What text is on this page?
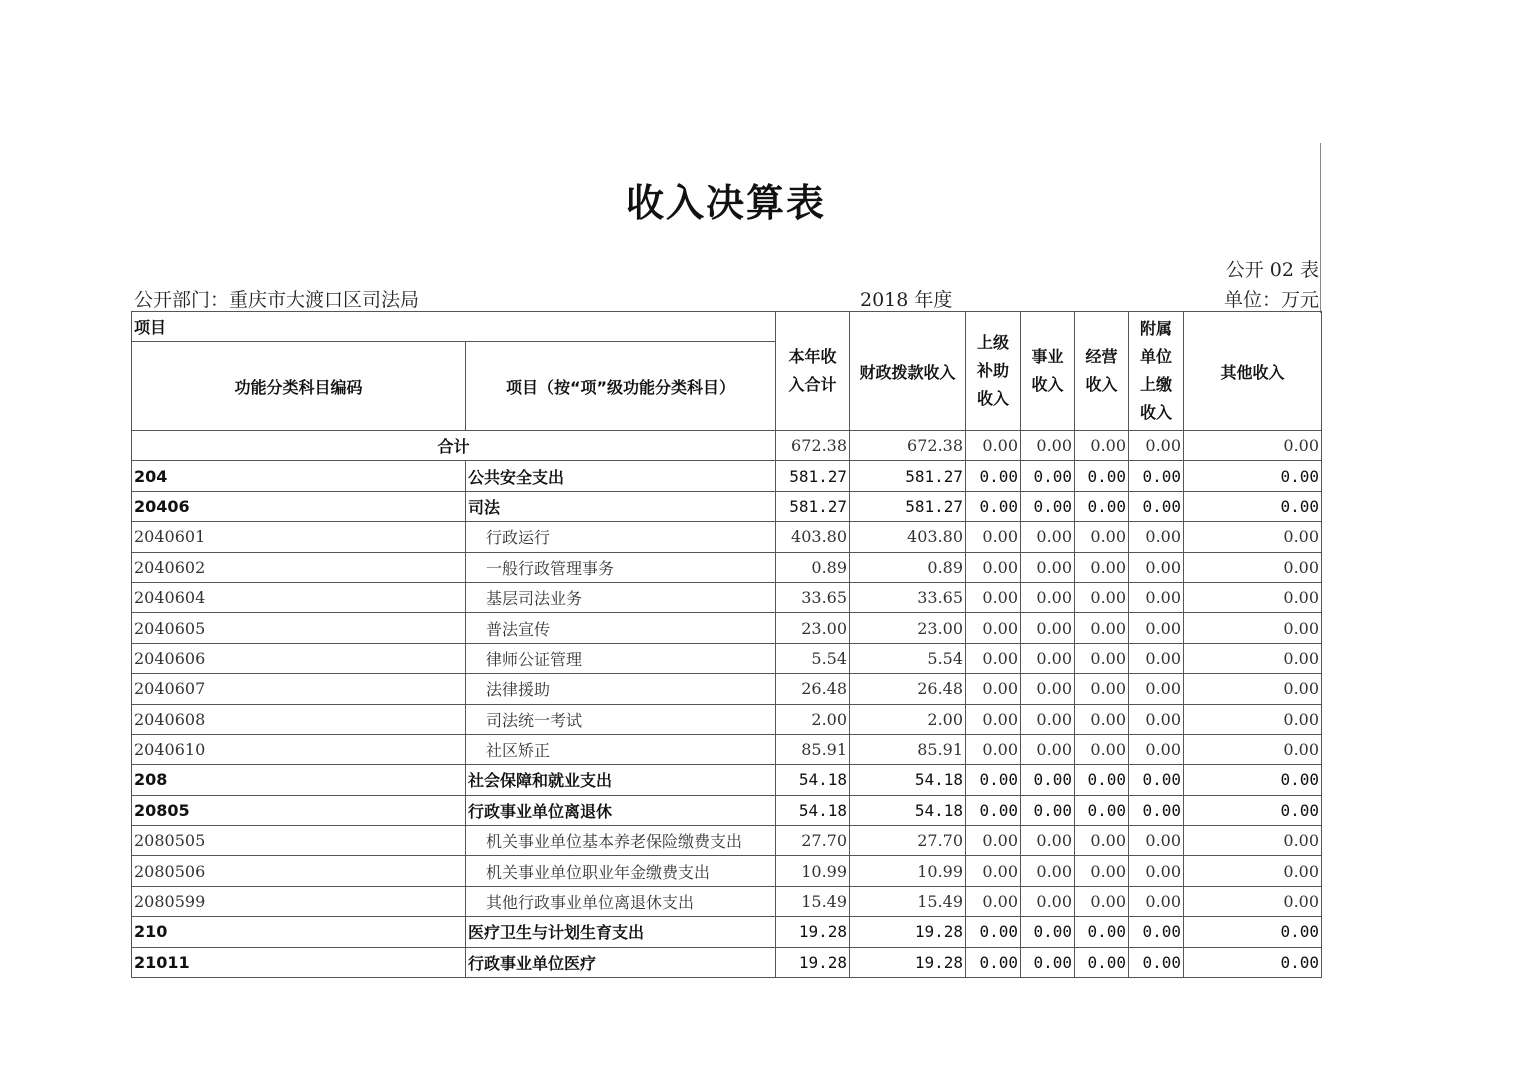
收入决算表
公开 02 表
公开部门：重庆市大渡口区司法局	2018 年度	单位：万元
项目		本年收入合计	财政拨款收入	上级补助收入	事业收入	经营收入	附属单位上缴收入	其他收入
功能分类科目编码	项目（按“项”级功能分类科目）							
合计		672.38	672.38	0.00	0.00	0.00	0.00	0.00
204	公共安全支出	581.27	581.27	0.00	0.00	0.00	0.00	0.00
20406	司法	581.27	581.27	0.00	0.00	0.00	0.00	0.00
2040601	行政运行	403.80	403.80	0.00	0.00	0.00	0.00	0.00
2040602	一般行政管理事务	0.89	0.89	0.00	0.00	0.00	0.00	0.00
2040604	基层司法业务	33.65	33.65	0.00	0.00	0.00	0.00	0.00
2040605	普法宣传	23.00	23.00	0.00	0.00	0.00	0.00	0.00
2040606	律师公证管理	5.54	5.54	0.00	0.00	0.00	0.00	0.00
2040607	法律援助	26.48	26.48	0.00	0.00	0.00	0.00	0.00
2040608	司法统一考试	2.00	2.00	0.00	0.00	0.00	0.00	0.00
2040610	社区矫正	85.91	85.91	0.00	0.00	0.00	0.00	0.00
208	社会保障和就业支出	54.18	54.18	0.00	0.00	0.00	0.00	0.00
20805	行政事业单位离退休	54.18	54.18	0.00	0.00	0.00	0.00	0.00
2080505	机关事业单位基本养老保险缴费支出	27.70	27.70	0.00	0.00	0.00	0.00	0.00
2080506	机关事业单位职业年金缴费支出	10.99	10.99	0.00	0.00	0.00	0.00	0.00
2080599	其他行政事业单位离退休支出	15.49	15.49	0.00	0.00	0.00	0.00	0.00
210	医疗卫生与计划生育支出	19.28	19.28	0.00	0.00	0.00	0.00	0.00
21011	行政事业单位医疗	19.28	19.28	0.00	0.00	0.00	0.00	0.00
